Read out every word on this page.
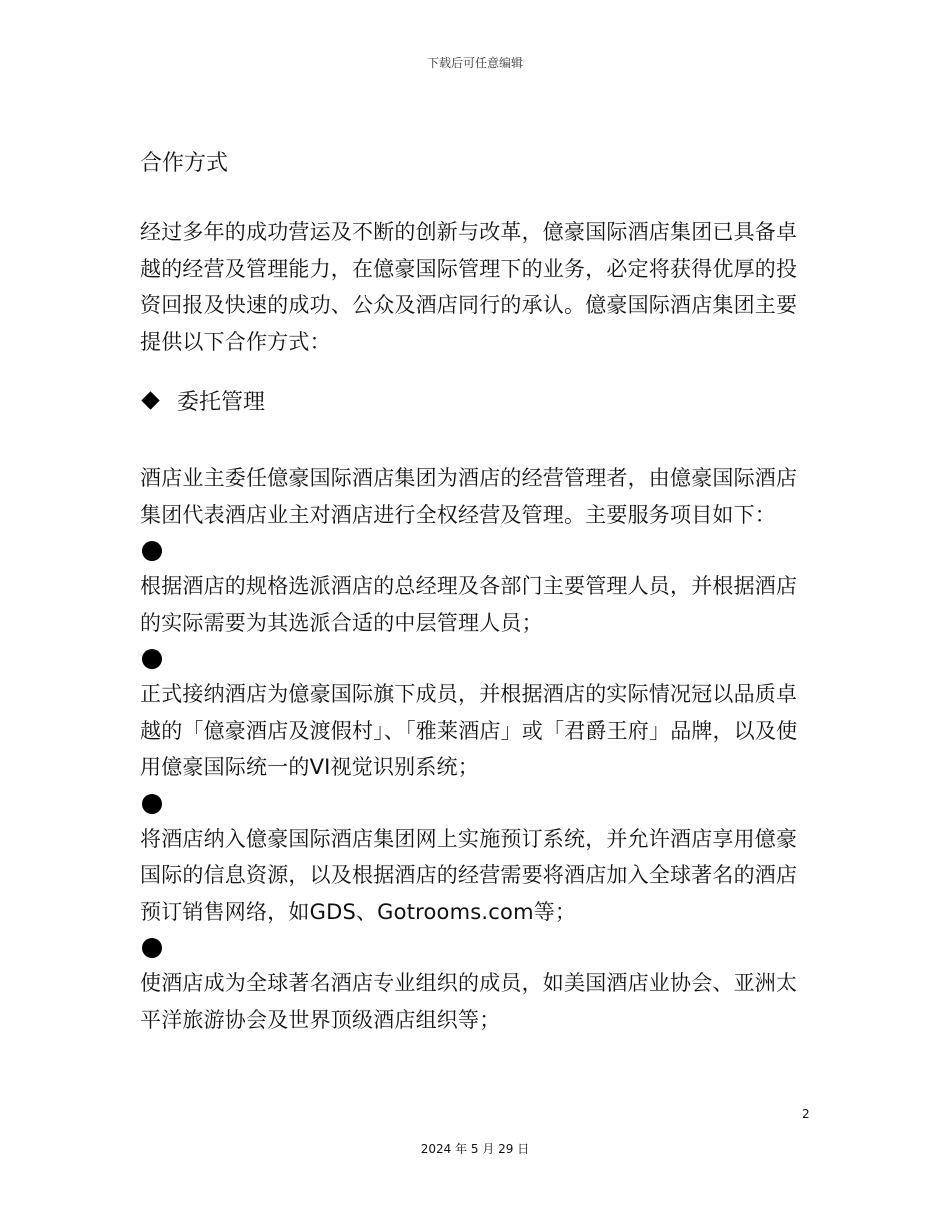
下载后可任意编辑
合作方式
经过多年的成功营运及不断的创新与改革，億豪国际酒店集团已具备卓越的经营及管理能力，在億豪国际管理下的业务，必定将获得优厚的投资回报及快速的成功、公众及酒店同行的承认。億豪国际酒店集团主要提供以下合作方式：
委托管理
酒店业主委任億豪国际酒店集团为酒店的经营管理者，由億豪国际酒店集团代表酒店业主对酒店进行全权经营及管理。主要服务项目如下：
根据酒店的规格选派酒店的总经理及各部门主要管理人员，并根据酒店的实际需要为其选派合适的中层管理人员；
正式接纳酒店为億豪国际旗下成员，并根据酒店的实际情况冠以品质卓越的「億豪酒店及渡假村」、「雅莱酒店」或「君爵王府」品牌，以及使用億豪国际统一的VI视觉识别系统；
将酒店纳入億豪国际酒店集团网上实施预订系统，并允许酒店享用億豪国际的信息资源，以及根据酒店的经营需要将酒店加入全球著名的酒店预订销售网络，如GDS、Gotrooms.com等；
使酒店成为全球著名酒店专业组织的成员，如美国酒店业协会、亚洲太平洋旅游协会及世界顶级酒店组织等；
2
2024 年 5 月 29 日
